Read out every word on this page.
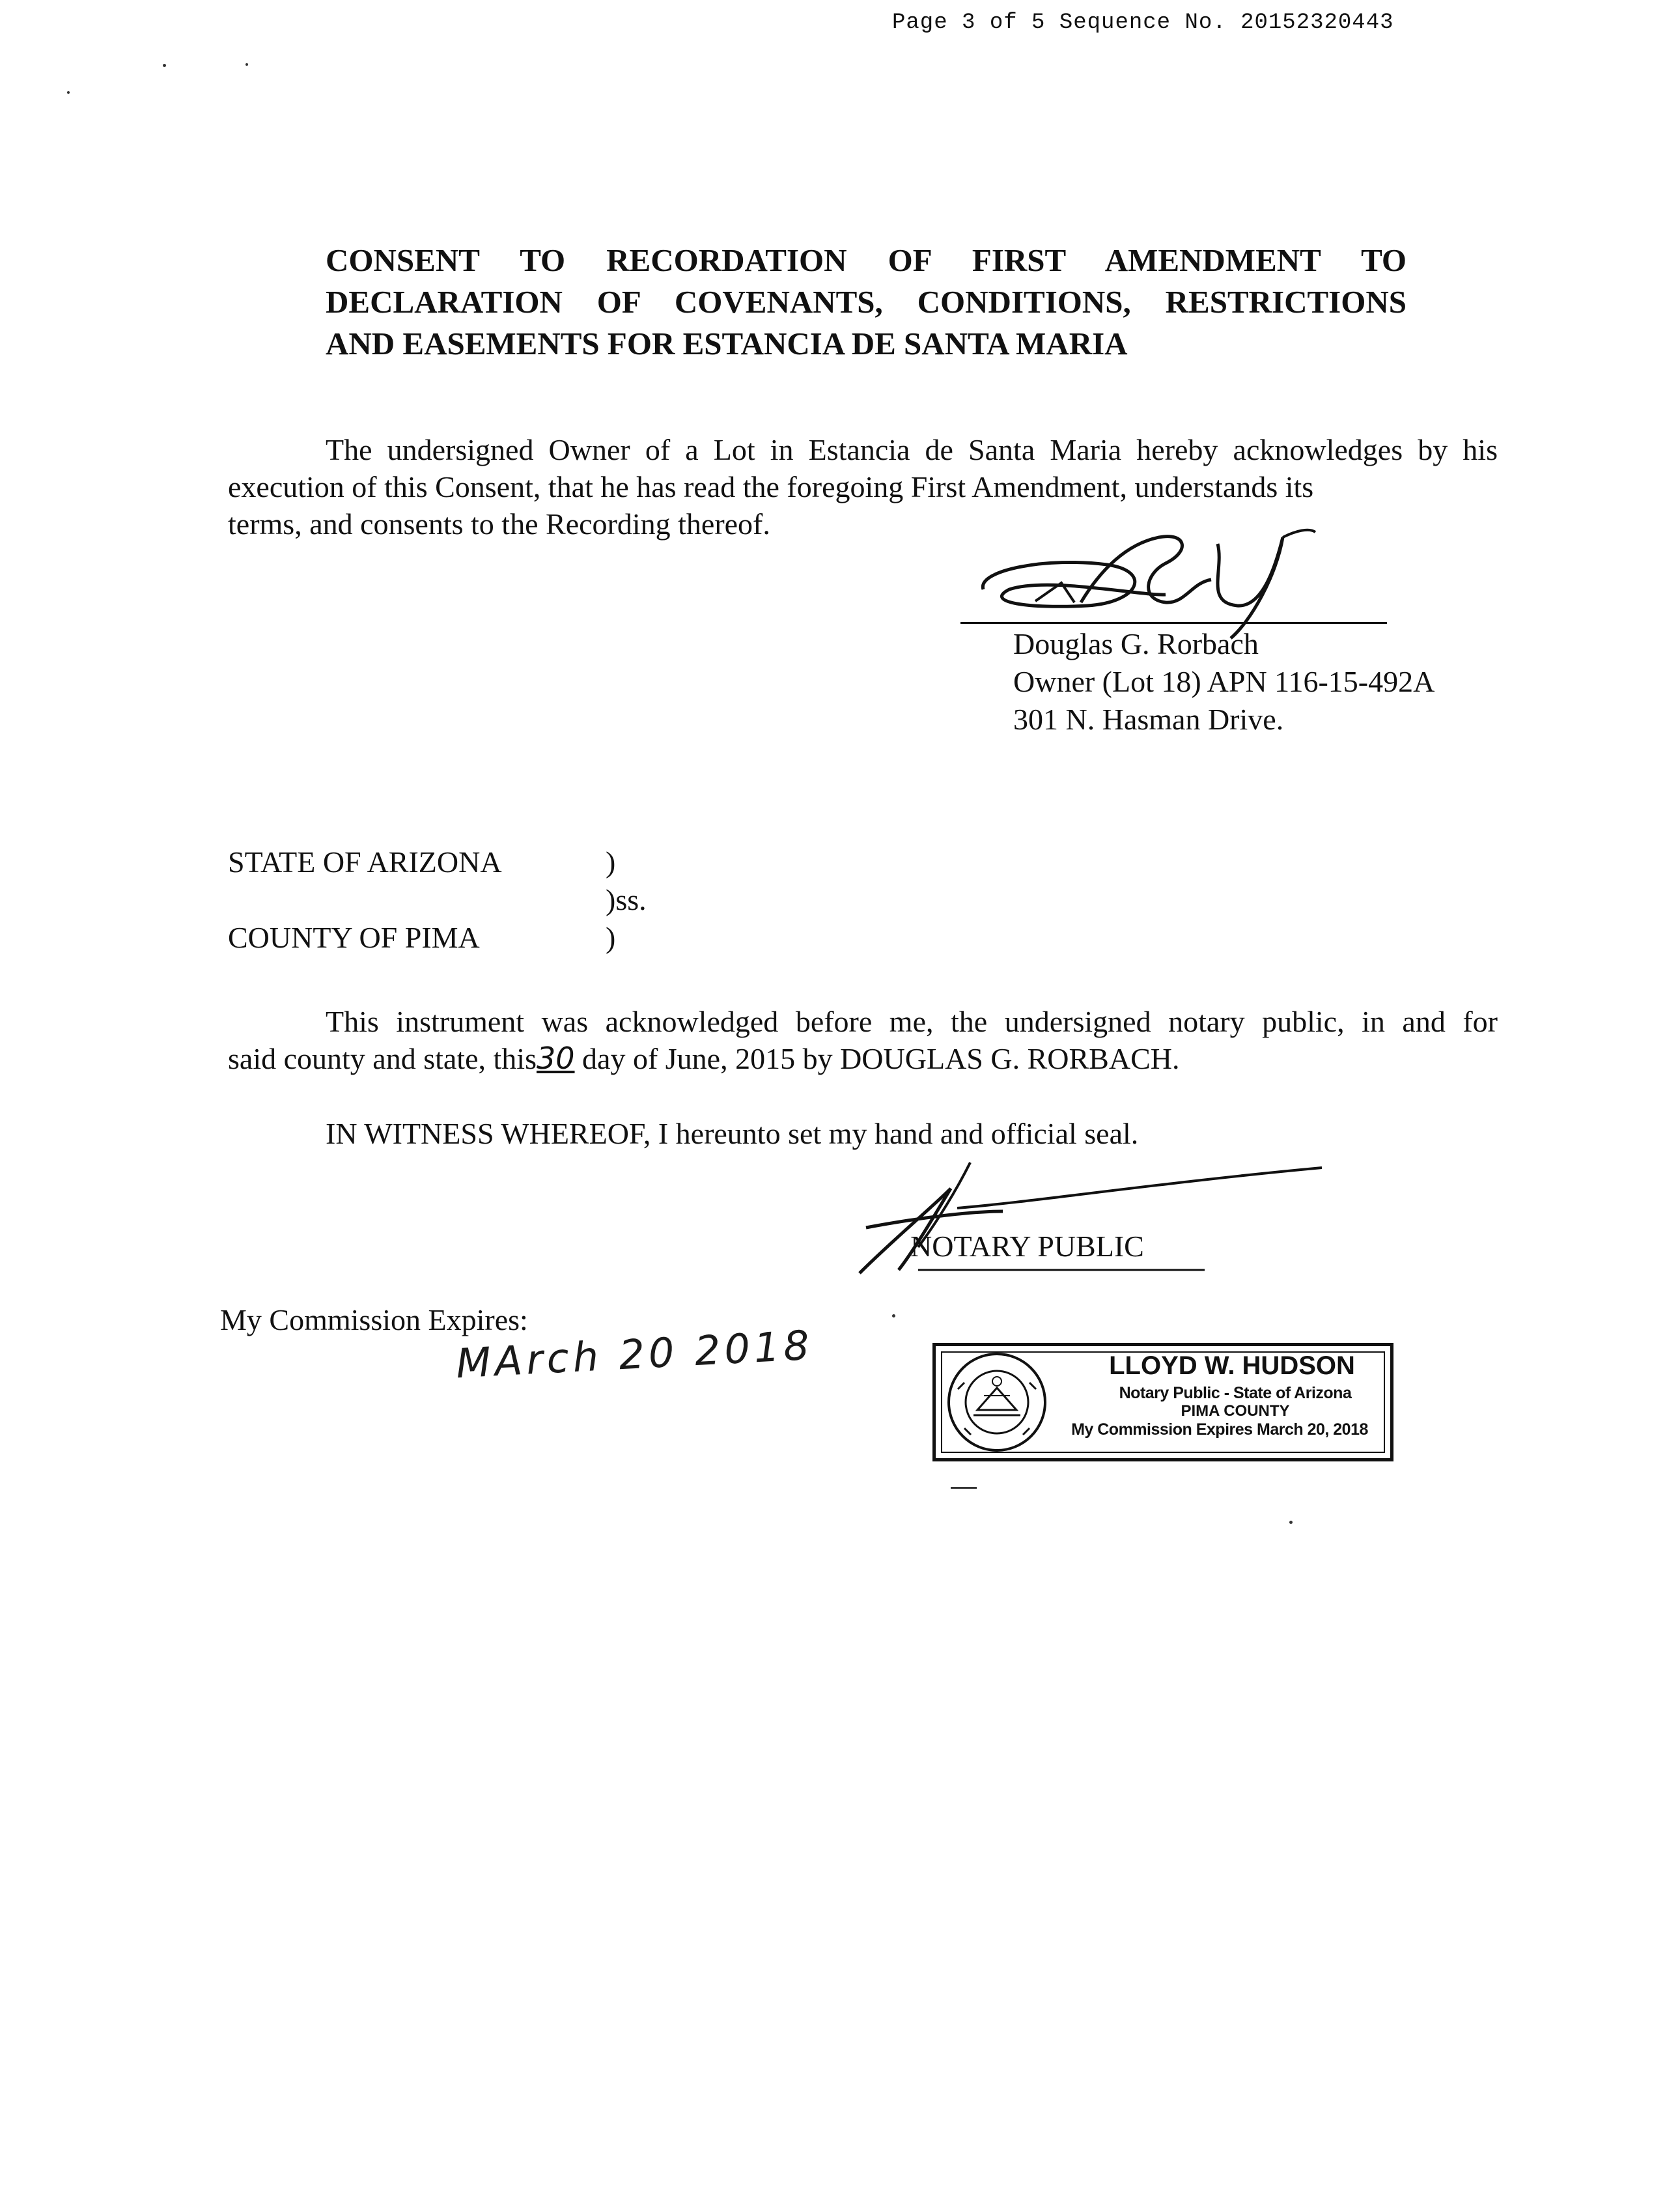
Page 3 of 5 Sequence No. 20152320443
CONSENT TO RECORDATION OF FIRST AMENDMENT TO
DECLARATION OF COVENANTS, CONDITIONS, RESTRICTIONS
AND EASEMENTS FOR ESTANCIA DE SANTA MARIA
The undersigned Owner of a Lot in Estancia de Santa Maria hereby acknowledges by his execution of this Consent, that he has read the foregoing First Amendment, understands its
terms, and consents to the Recording thereof.
Douglas G. Rorbach
Owner (Lot 18) APN 116-15-492A
301 N. Hasman Drive.
STATE OF ARIZONA	)
)ss.
COUNTY OF PIMA	)
This instrument was acknowledged before me, the undersigned notary public, in and for
said county and state, this30 day of June, 2015 by DOUGLAS G. RORBACH.
IN WITNESS WHEREOF, I hereunto set my hand and official seal.
NOTARY PUBLIC
My Commission Expires:
MArch 20 2018	LLOYD W. HUDSON
Notary Public - State of Arizona
PIMA COUNTY
My Commission Expires March 20, 2018
